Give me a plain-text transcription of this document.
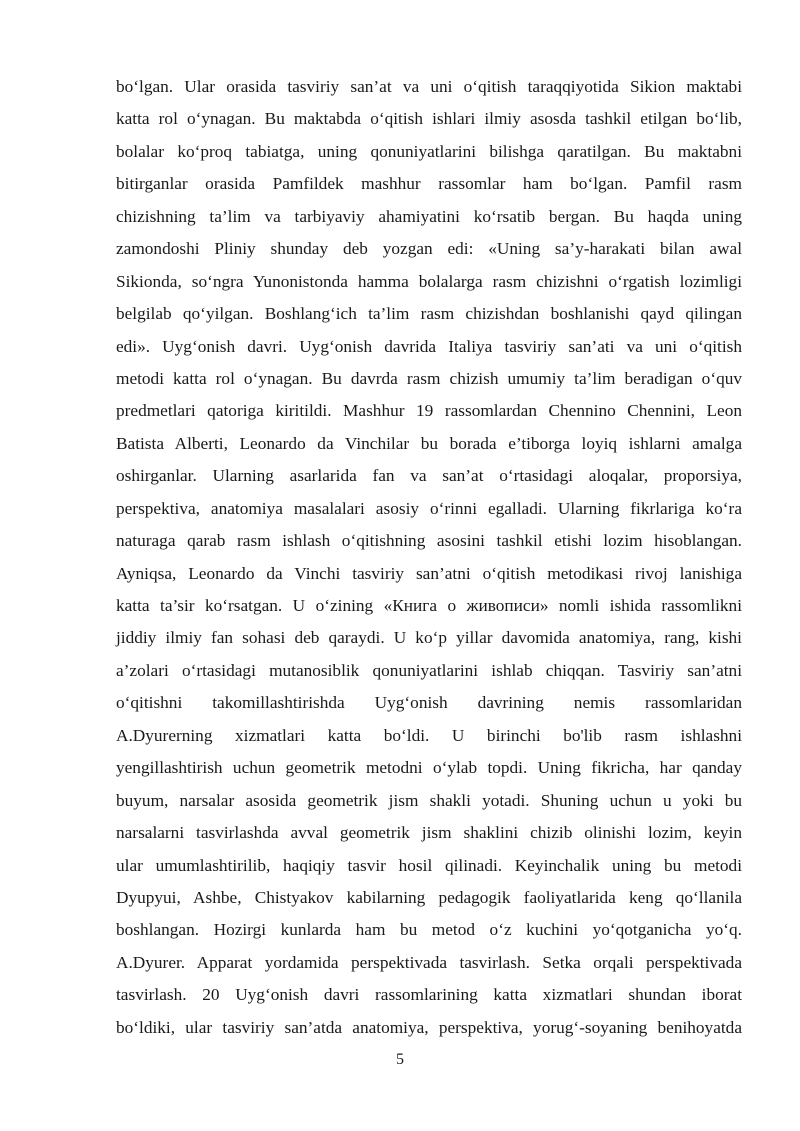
bo‘lgan. Ular orasida tasviriy san’at va uni o‘qitish taraqqiyotida Sikion maktabi
katta rol o‘ynagan. Bu maktabda o‘qitish ishlari ilmiy asosda tashkil etilgan bo‘lib,
bolalar ko‘proq tabiatga, uning qonuniyatlarini bilishga qaratilgan. Bu maktabni
bitirganlar orasida Pamfildek mashhur rassomlar ham bo‘lgan. Pamfil rasm
chizishning ta’lim va tarbiyaviy ahamiyatini ko‘rsatib bergan. Bu haqda uning
zamondoshi Pliniy shunday deb yozgan edi: «Uning sa’y-harakati bilan awal
Sikionda, so‘ngra Yunonistonda hamma bolalarga rasm chizishni o‘rgatish lozimligi
belgilab qo‘yilgan. Boshlang‘ich ta’lim rasm chizishdan boshlanishi qayd qilingan
edi». Uyg‘onish davri. Uyg‘onish davrida Italiya tasviriy san’ati va uni o‘qitish
metodi katta rol o‘ynagan. Bu davrda rasm chizish umumiy ta’lim beradigan o‘quv
predmetlari qatoriga kiritildi. Mashhur 19 rassomlardan Chennino Chennini, Leon
Batista Alberti, Leonardo da Vinchilar bu borada e’tiborga loyiq ishlarni amalga
oshirganlar. Ularning asarlarida fan va san’at o‘rtasidagi aloqalar, proporsiya,
perspektiva, anatomiya masalalari asosiy o‘rinni egalladi. Ularning fikrlariga ko‘ra
naturaga qarab rasm ishlash o‘qitishning asosini tashkil etishi lozim hisoblangan.
Ayniqsa, Leonardo da Vinchi tasviriy san’atni o‘qitish metodikasi rivoj lanishiga
katta ta’sir ko‘rsatgan. U o‘zining «Книга о живописи» nomli ishida rassomlikni
jiddiy ilmiy fan sohasi deb qaraydi. U ko‘p yillar davomida anatomiya, rang, kishi
a’zolari o‘rtasidagi mutanosiblik qonuniyatlarini ishlab chiqqan. Tasviriy san’atni
o‘qitishni takomillashtirishda Uyg‘onish davrining nemis rassomlaridan
A.Dyurerning xizmatlari katta bo‘ldi. U birinchi bo'lib rasm ishlashni
yengillashtirish uchun geometrik metodni o‘ylab topdi. Uning fikricha, har qanday
buyum, narsalar asosida geometrik jism shakli yotadi. Shuning uchun u yoki bu
narsalarni tasvirlashda avval geometrik jism shaklini chizib olinishi lozim, keyin
ular umumlashtirilib, haqiqiy tasvir hosil qilinadi. Keyinchalik uning bu metodi
Dyupyui, Ashbe, Chistyakov kabilarning pedagogik faoliyatlarida keng qo‘llanila
boshlangan. Hozirgi kunlarda ham bu metod o‘z kuchini yo‘qotganicha yo‘q.
A.Dyurer. Apparat yordamida perspektivada tasvirlash. Setka orqali perspektivada
tasvirlash. 20 Uyg‘onish davri rassomlarining katta xizmatlari shundan iborat
bo‘ldiki, ular tasviriy san’atda anatomiya, perspektiva, yorug‘-soyaning benihoyatda
5
